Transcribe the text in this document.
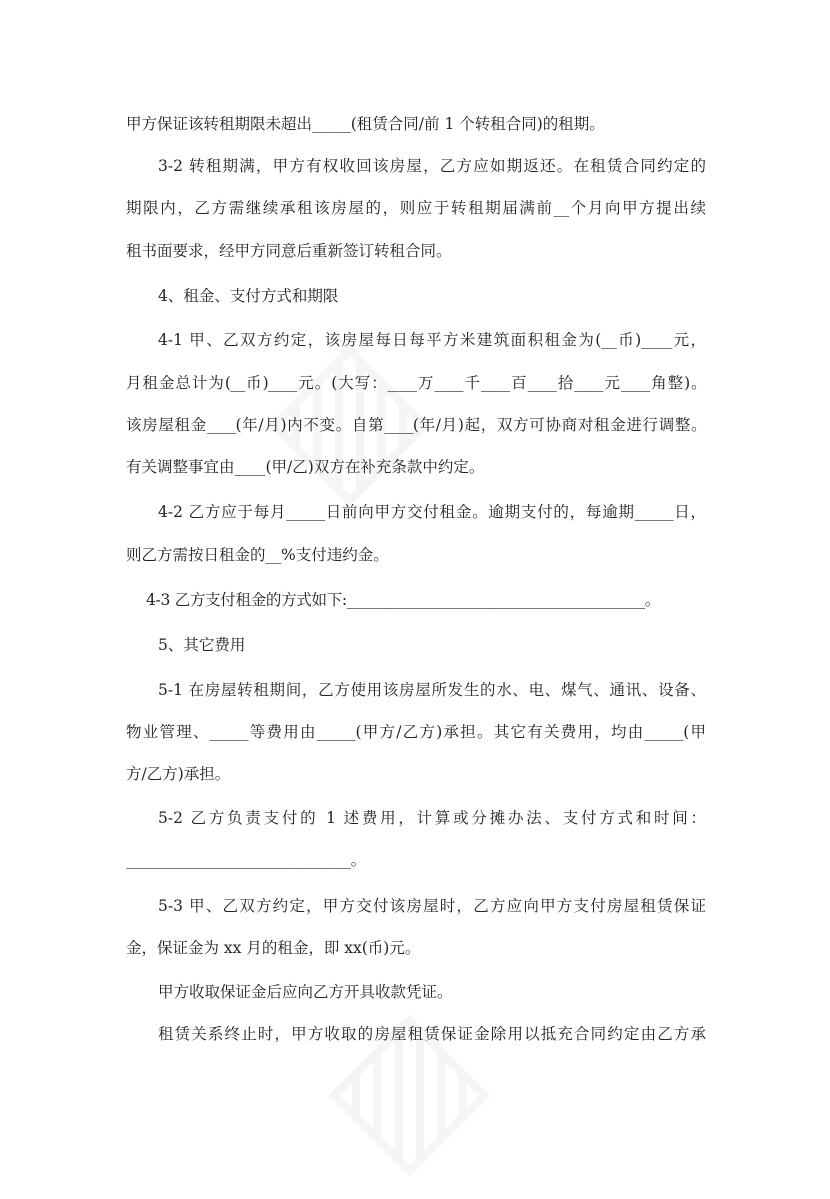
甲方保证该转租期限未超出_____(租赁合同/前 1 个转租合同)的租期。
3-2 转租期满，甲方有权收回该房屋，乙方应如期返还。在租赁合同约定的
期限内，乙方需继续承租该房屋的，则应于转租期届满前__个月向甲方提出续
租书面要求，经甲方同意后重新签订转租合同。
4、租金、支付方式和期限
4-1 甲、乙双方约定，该房屋每日每平方米建筑面积租金为(__币)____元，
月租金总计为(__币)____元。(大写：____万____千____百____拾____元____角整)。
该房屋租金____(年/月)内不变。自第____(年/月)起，双方可协商对租金进行调整。
有关调整事宜由____(甲/乙)双方在补充条款中约定。
4-2 乙方应于每月_____日前向甲方交付租金。逾期支付的，每逾期_____日，
则乙方需按日租金的__%支付违约金。
4-3 乙方支付租金的方式如下:________________________________________。
5、其它费用
5-1 在房屋转租期间，乙方使用该房屋所发生的水、电、煤气、通讯、设备、
物业管理、_____等费用由_____(甲方/乙方)承担。其它有关费用，均由_____(甲
方/乙方)承担。
5-2 乙方负责支付的 1 述费用，计算或分摊办法、支付方式和时间：
_____________________________。
5-3 甲、乙双方约定，甲方交付该房屋时，乙方应向甲方支付房屋租赁保证
金，保证金为 xx 月的租金，即 xx(币)元。
甲方收取保证金后应向乙方开具收款凭证。
租赁关系终止时，甲方收取的房屋租赁保证金除用以抵充合同约定由乙方承
